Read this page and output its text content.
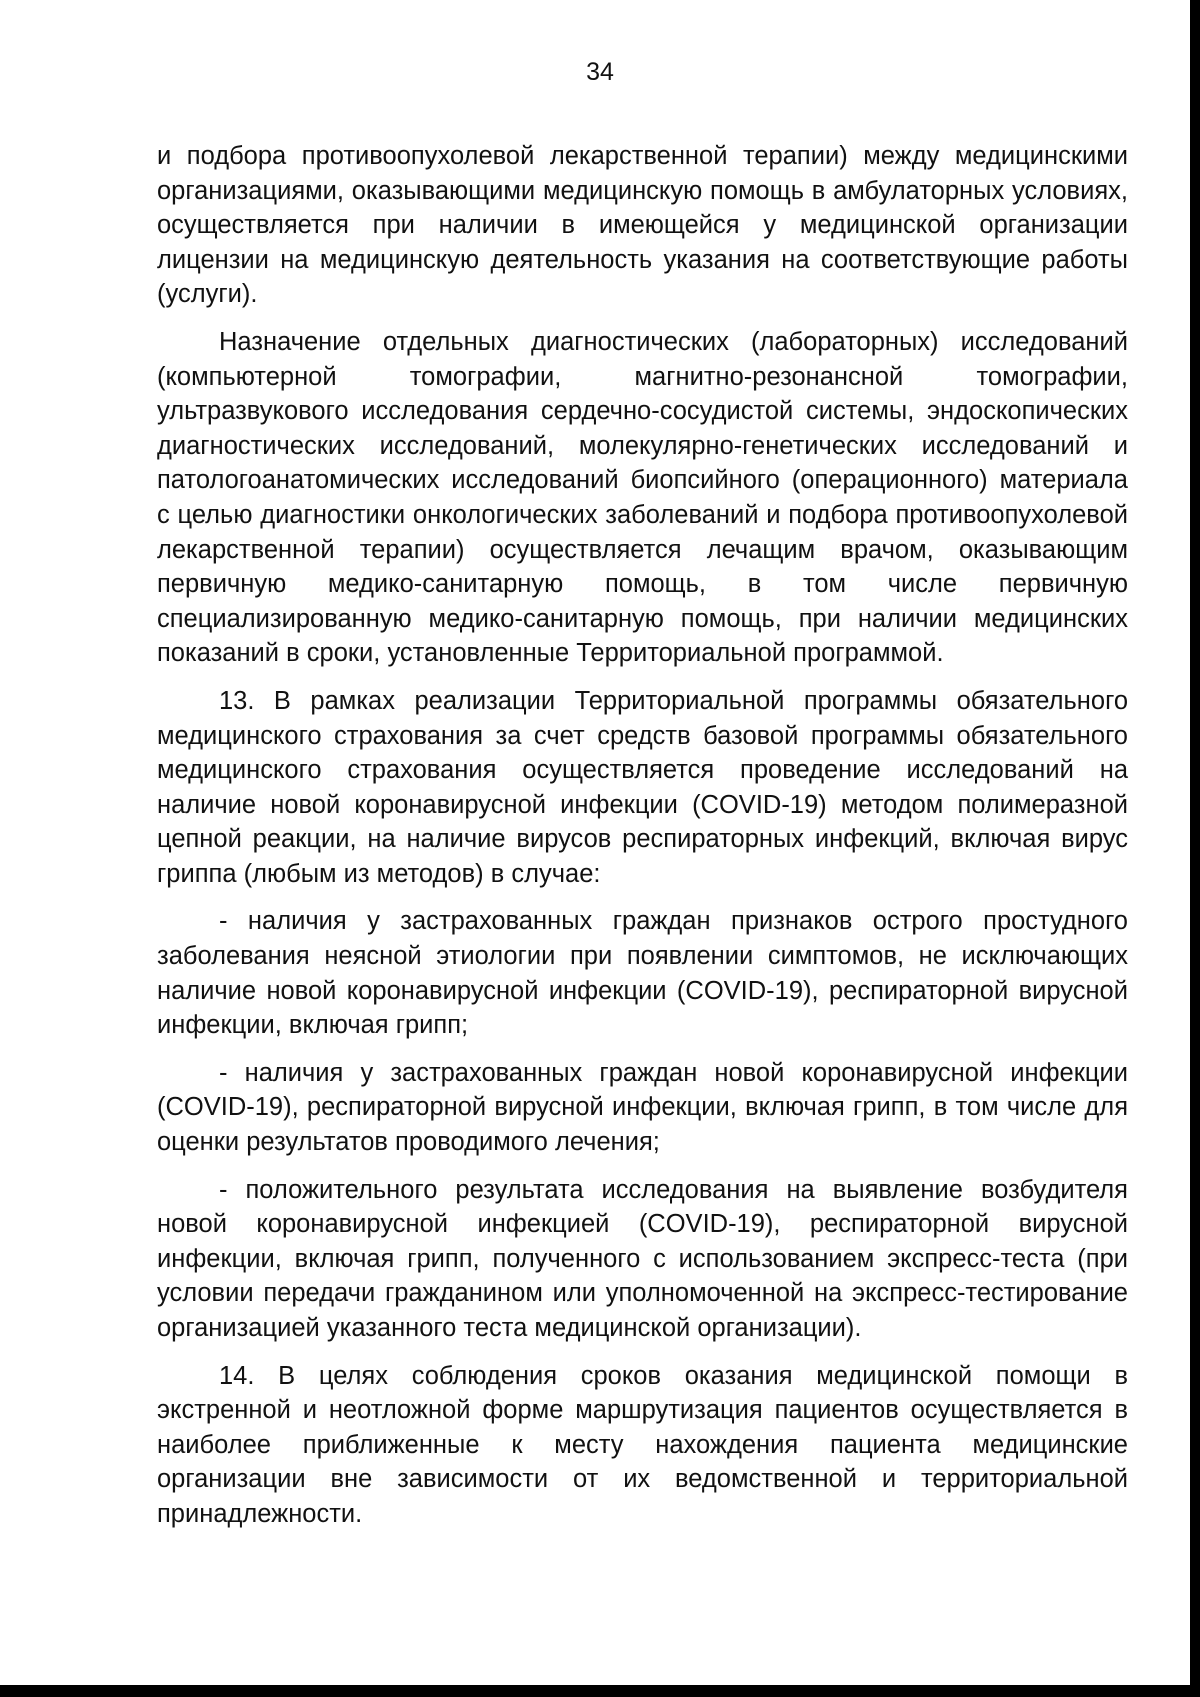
34

и подбора противоопухолевой лекарственной терапии) между медицинскими организациями, оказывающими медицинскую помощь в амбулаторных условиях, осуществляется при наличии в имеющейся у медицинской организации лицензии на медицинскую деятельность указания на соответствующие работы (услуги).

Назначение отдельных диагностических (лабораторных) исследований (компьютерной томографии, магнитно-резонансной томографии, ультразвукового исследования сердечно-сосудистой системы, эндоскопических диагностических исследований, молекулярно-генетических исследований и патологоанатомических исследований биопсийного (операционного) материала с целью диагностики онкологических заболеваний и подбора противоопухолевой лекарственной терапии) осуществляется лечащим врачом, оказывающим первичную медико-санитарную помощь, в том числе первичную специализированную медико-санитарную помощь, при наличии медицинских показаний в сроки, установленные Территориальной программой.

13. В рамках реализации Территориальной программы обязательного медицинского страхования за счет средств базовой программы обязательного медицинского страхования осуществляется проведение исследований на наличие новой коронавирусной инфекции (COVID-19) методом полимеразной цепной реакции, на наличие вирусов респираторных инфекций, включая вирус гриппа (любым из методов) в случае:

- наличия у застрахованных граждан признаков острого простудного заболевания неясной этиологии при появлении симптомов, не исключающих наличие новой коронавирусной инфекции (COVID-19), респираторной вирусной инфекции, включая грипп;

- наличия у застрахованных граждан новой коронавирусной инфекции (COVID-19), респираторной вирусной инфекции, включая грипп, в том числе для оценки результатов проводимого лечения;

- положительного результата исследования на выявление возбудителя новой коронавирусной инфекцией (COVID-19), респираторной вирусной инфекции, включая грипп, полученного с использованием экспресс-теста (при условии передачи гражданином или уполномоченной на экспресс-тестирование организацией указанного теста медицинской организации).

14. В целях соблюдения сроков оказания медицинской помощи в экстренной и неотложной форме маршрутизация пациентов осуществляется в наиболее приближенные к месту нахождения пациента медицинские организации вне зависимости от их ведомственной и территориальной принадлежности.
